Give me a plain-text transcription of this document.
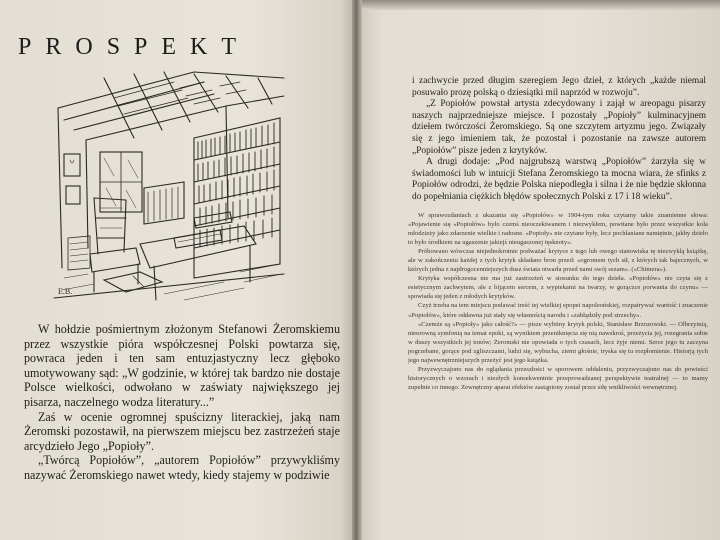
PROSPEKT
E.B.

W hołdzie pośmiertnym złożonym Stefanowi Żeromskiemu przez wszystkie pióra współczesnej Polski powtarza się, powraca jeden i ten sam entuzjastyczny lecz głęboko umotywowany sąd: „W godzinie, w której tak bardzo nie dostaje Polsce wielkości, odwołano w zaświaty największego jej pisarza, naczelnego wodza literatury...”

Zaś w ocenie ogromnej spuścizny literackiej, jaką nam Żeromski pozostawił, na pierwszem miejscu bez zastrzeżeń staje arcydzieło Jego „Popioły”.

„Twórcą Popiołów”, „autorem Popiołów” przywykliśmy nazywać Żeromskiego nawet wtedy, kiedy stajemy w podziwie

i zachwycie przed długim szeregiem Jego dzieł, z których „każde niemal posuwało prozę polską o dziesiątki mil naprzód w rozwoju”.

„Z Popiołów powstał artysta zdecydowany i zajął w areopagu pisarzy naszych najprzedniejsze miejsce. I pozostały „Popioły” kulminacyjnem dziełem twórczości Żeromskiego. Są one szczytem artyzmu jego. Związały się z jego imieniem tak, że pozostał i pozostanie na zawsze autorem „Popiołów” pisze jeden z krytyków.

A drugi dodaje: „Pod najgrubszą warstwą „Popiołów” żarzyła się w świadomości lub w intuicji Stefana Żeromskiego ta mocna wiara, że sfinks z Popiołów odrodzi, że będzie Polska niepodległa i silna i że nie będzie skłonna do popełniania ciężkich błędów społecznych Polski z 17 i 18 wieku”.

W sprawozdaniach z ukazania się «Popiołów» w 1904-tym roku czytamy takie znamienne słowa: «Pojawienie się «Popiołów» było czemś nieoczekiwanem i niezwykłem, powitane było przez wszystkie koła młodzieży jako zdarzenie wielkie i radosne. «Popioły» nie czytane były, lecz pochłaniane namiętnie, jakby dzieło to było środkiem na ugaszenie jakiejś nieugaszonej tęsknoty».

Próbowano wówczas niejednokrotnie podważać krytyce z tego lub owego stanowiska tę niezwykłą książkę, ale w zakończeniu każdej z tych krytyk składano bron przed: «ogromem tych sił, z których tak bajecznych, w których jedna z najdrogocenniejszych dusz świata otwarła przed nami swój sezam». («Chimera»).

Krytyka współczesna nie ma już zastrzeżeń w stosunku do tego dzieła. «Popiołów» nie czyta się z estetycznym zachwytem, ale z bijącem sercem, z wypiekami na twarzy, w gorączce porwania do czynu» — spowiada się jeden z młodych krytyków.

Czyż trzeba na tem miejscu podawać treść tej wielkiej epopei napoleońskiej, rozpatrywać wartość i znaczenie «Popiołów», które oddawna już stały się własnością narodu i «zabłądziły pod strzechy».

«Czemże są «Popioły» jako całość?» — pisze wybitny krytyk polski, Stanisław Brzozowski. — Olbrzymią, nieorowną symfonią na temat epoki, są wynikiem przeniknięcia się nią nawskroś, przeżycia jej, rozegrania sobie w duszy wszystkich jej tonów; Żeromski nie opowiada o tych czasach, lecz żyje niemi. Serce jego tu zaczyna pogrzebane, gorące pod zgliszczami, ludzi się, wybucha, ziemi głośnie, tryska się tu rozpłomienie. Historją tych jego najwewnętrzniejszych przeżyć jest jego książka.

Przyzwyczajono nas do oglądania przeszłości w sporowem oddaleniu, przyzwyczajono nas do powieści historycznych o wzorach i niezłych konsekwentnie przeprowadzanej perspektywie teatralnej — to mamy zupełnie co innego. Zewnętrzny aparat efektów zastąpiony został przez siłę wnikliwości wewnętrznej.
